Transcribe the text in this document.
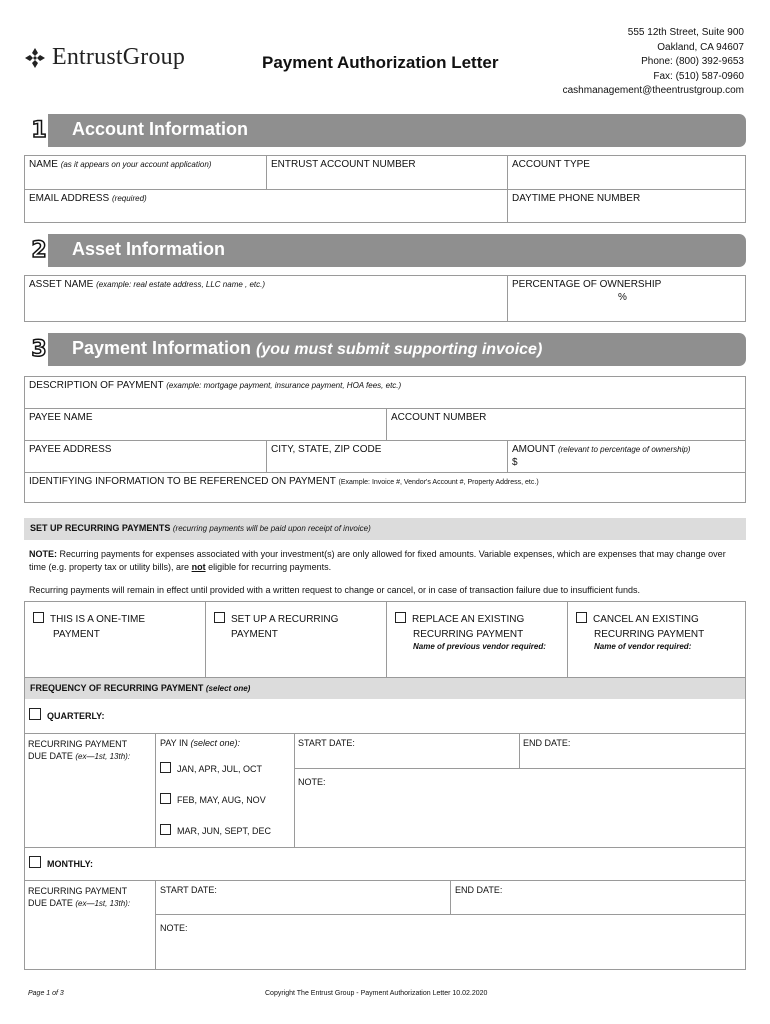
EntrustGroup	Payment Authorization Letter
555 12th Street, Suite 900
Oakland, CA 94607
Phone: (800) 392-9653
Fax: (510) 587-0960
cashmanagement@theentrustgroup.com
1 Account Information
NAME (as it appears on your account application)	ENTRUST ACCOUNT NUMBER	ACCOUNT TYPE
EMAIL ADDRESS (required)	DAYTIME PHONE NUMBER
2 Asset Information
ASSET NAME (example: real estate address, LLC name , etc.)	PERCENTAGE OF OWNERSHIP
%
3 Payment Information (you must submit supporting invoice)
DESCRIPTION OF PAYMENT (example: mortgage payment, insurance payment, HOA fees, etc.)
PAYEE NAME	ACCOUNT NUMBER
PAYEE ADDRESS	CITY, STATE, ZIP CODE	AMOUNT (relevant to percentage of ownership)
$
IDENTIFYING INFORMATION TO BE REFERENCED ON PAYMENT (Example: Invoice #, Vendor's Account #, Property Address, etc.)
SET UP RECURRING PAYMENTS (recurring payments will be paid upon receipt of invoice)
NOTE: Recurring payments for expenses associated with your investment(s) are only allowed for fixed amounts. Variable expenses, which are expenses that may change over time (e.g. property tax or utility bills), are not eligible for recurring payments.
Recurring payments will remain in effect until provided with a written request to change or cancel, or in case of transaction failure due to insufficient funds.
THIS IS A ONE-TIME
PAYMENT
SET UP A RECURRING
PAYMENT
REPLACE AN EXISTING
RECURRING PAYMENT
Name of previous vendor required:
CANCEL AN EXISTING
RECURRING PAYMENT
Name of vendor required:
FREQUENCY OF RECURRING PAYMENT (select one)
QUARTERLY:
RECURRING PAYMENT
DUE DATE (ex—1st, 13th):
PAY IN (select one):
JAN, APR, JUL, OCT
FEB, MAY, AUG, NOV
MAR, JUN, SEPT, DEC
START DATE:	END DATE:
NOTE:
MONTHLY:
RECURRING PAYMENT
DUE DATE (ex—1st, 13th):
START DATE:	END DATE:
NOTE:
Page 1 of 3	Copyright The Entrust Group - Payment Authorization Letter 10.02.2020
